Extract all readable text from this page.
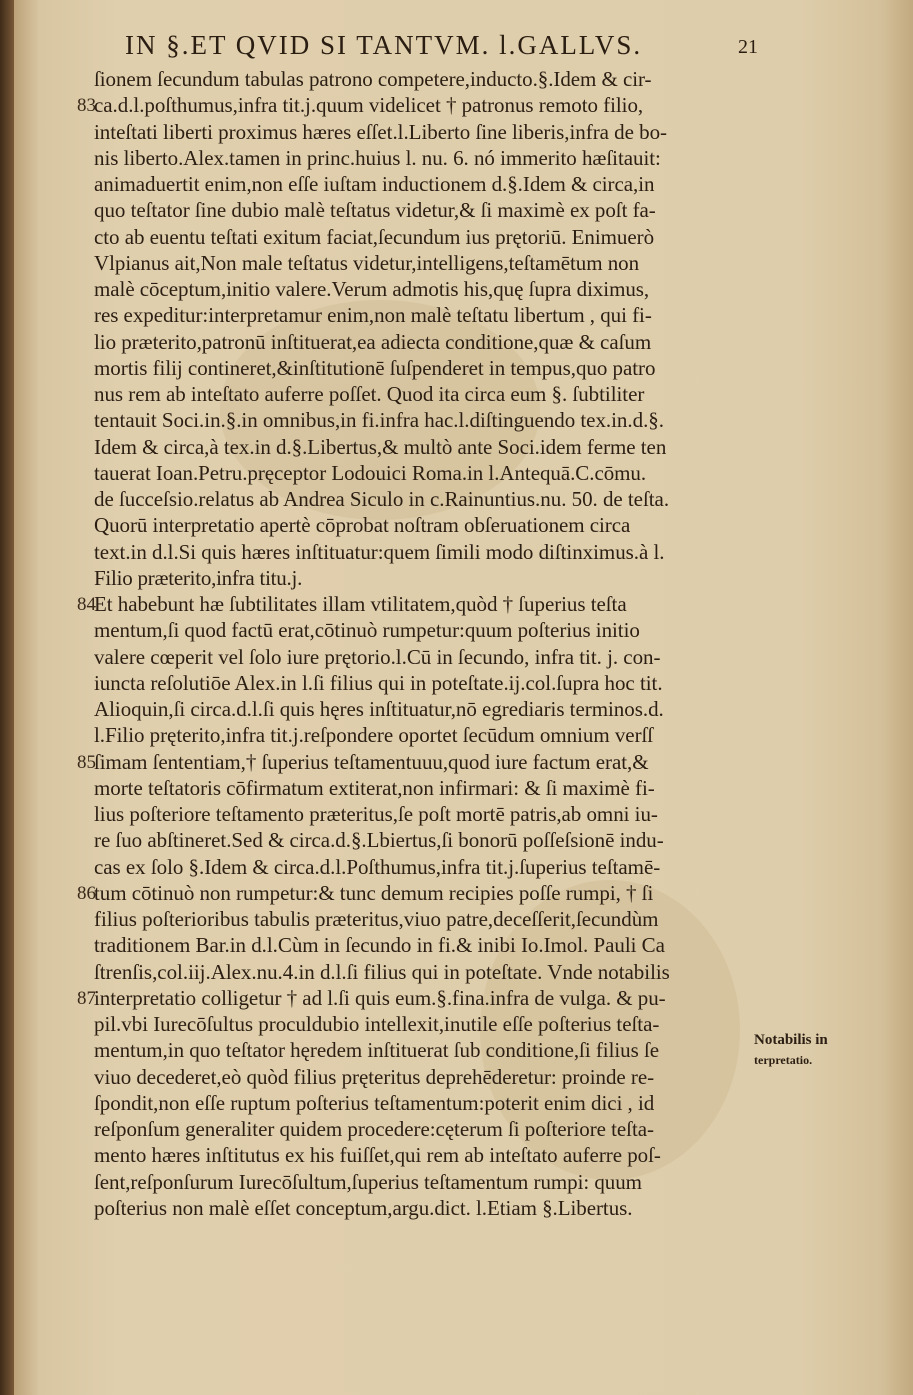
IN §.ET QVID SI TANTVM. l.GALLVS.	21
ſionem ſecundum tabulas patrono competere,inducto.§.Idem & cir-
ca.d.l.poſthumus,infra tit.j.quum videlicet † patronus remoto filio,
inteſtati liberti proximus hæres eſſet.l.Liberto ſine liberis,infra de bo-
nis liberto.Alex.tamen in princ.huius l. nu. 6. nó immerito hæſitauit:
animaduertit enim,non eſſe iuſtam inductionem d.§.Idem & circa,in
quo teſtator ſine dubio malè teſtatus videtur,& ſi maximè ex poſt fa-
cto ab euentu teſtati exitum faciat,ſecundum ius prętoriū. Enimuerò
Vlpianus ait,Non male teſtatus videtur,intelligens,teſtamētum non
malè cōceptum,initio valere.Verum admotis his,quę ſupra diximus,
res expeditur:interpretamur enim,non malè teſtatu libertum , qui fi-
lio præterito,patronū inſtituerat,ea adiecta conditione,quæ & caſum
mortis filij contineret,&inſtitutionē ſuſpenderet in tempus,quo patro
nus rem ab inteſtato auferre poſſet. Quod ita circa eum §. ſubtiliter
tentauit Soci.in.§.in omnibus,in fi.infra hac.l.diſtinguendo tex.in.d.§.
Idem & circa,à tex.in d.§.Libertus,& multò ante Soci.idem ferme ten
tauerat Ioan.Petru.pręceptor Lodouici Roma.in l.Antequā.C.cōmu.
de ſucceſsio.relatus ab Andrea Siculo in c.Rainuntius.nu. 50. de teſta.
Quorū interpretatio apertè cōprobat noſtram obſeruationem circa
text.in d.l.Si quis hæres inſtituatur:quem ſimili modo diſtinximus.à l.
Filio præterito,infra titu.j.
Et habebunt hæ ſubtilitates illam vtilitatem,quòd † ſuperius teſta
mentum,ſi quod factū erat,cōtinuò rumpetur:quum poſterius initio
valere cœperit vel ſolo iure prętorio.l.Cū in ſecundo, infra tit. j. con-
iuncta reſolutiōe Alex.in l.ſi filius qui in poteſtate.ij.col.ſupra hoc tit.
Alioquin,ſi circa.d.l.ſi quis hęres inſtituatur,nō egrediaris terminos.d.
l.Filio pręterito,infra tit.j.reſpondere oportet ſecūdum omnium verſſ
ſimam ſententiam,† ſuperius teſtamentuuu,quod iure factum erat,&
morte teſtatoris cōfirmatum extiterat,non infirmari: & ſi maximè fi-
lius poſteriore teſtamento præteritus,ſe poſt mortē patris,ab omni iu-
re ſuo abſtineret.Sed & circa.d.§.Lbiertus,ſi bonorū poſſeſsionē indu-
cas ex ſolo §.Idem & circa.d.l.Poſthumus,infra tit.j.ſuperius teſtamē-
tum cōtinuò non rumpetur:& tunc demum recipies poſſe rumpi, † ſi
filius poſterioribus tabulis præteritus,viuo patre,deceſſerit,ſecundùm
traditionem Bar.in d.l.Cùm in ſecundo in fi.& inibi Io.Imol. Pauli Ca
ſtrenſis,col.iij.Alex.nu.4.in d.l.ſi filius qui in poteſtate. Vnde notabilis
interpretatio colligetur † ad l.ſi quis eum.§.fina.infra de vulga. & pu-
pil.vbi Iurecōſultus proculdubio intellexit,inutile eſſe poſterius teſta-
mentum,in quo teſtator hęredem inſtituerat ſub conditione,ſi filius ſe
viuo decederet,eò quòd filius pręteritus deprehēderetur: proinde re-
ſpondit,non eſſe ruptum poſterius teſtamentum:poterit enim dici , id
reſponſum generaliter quidem procedere:cęterum ſi poſteriore teſta-
mento hæres inſtitutus ex his fuiſſet,qui rem ab inteſtato auferre poſ-
ſent,reſponſurum Iurecōſultum,ſuperius teſtamentum rumpi: quum
poſterius non malè eſſet conceptum,argu.dict. l.Etiam §.Libertus.
83
84
85
86
87
Notabilis in
terpretatio.
